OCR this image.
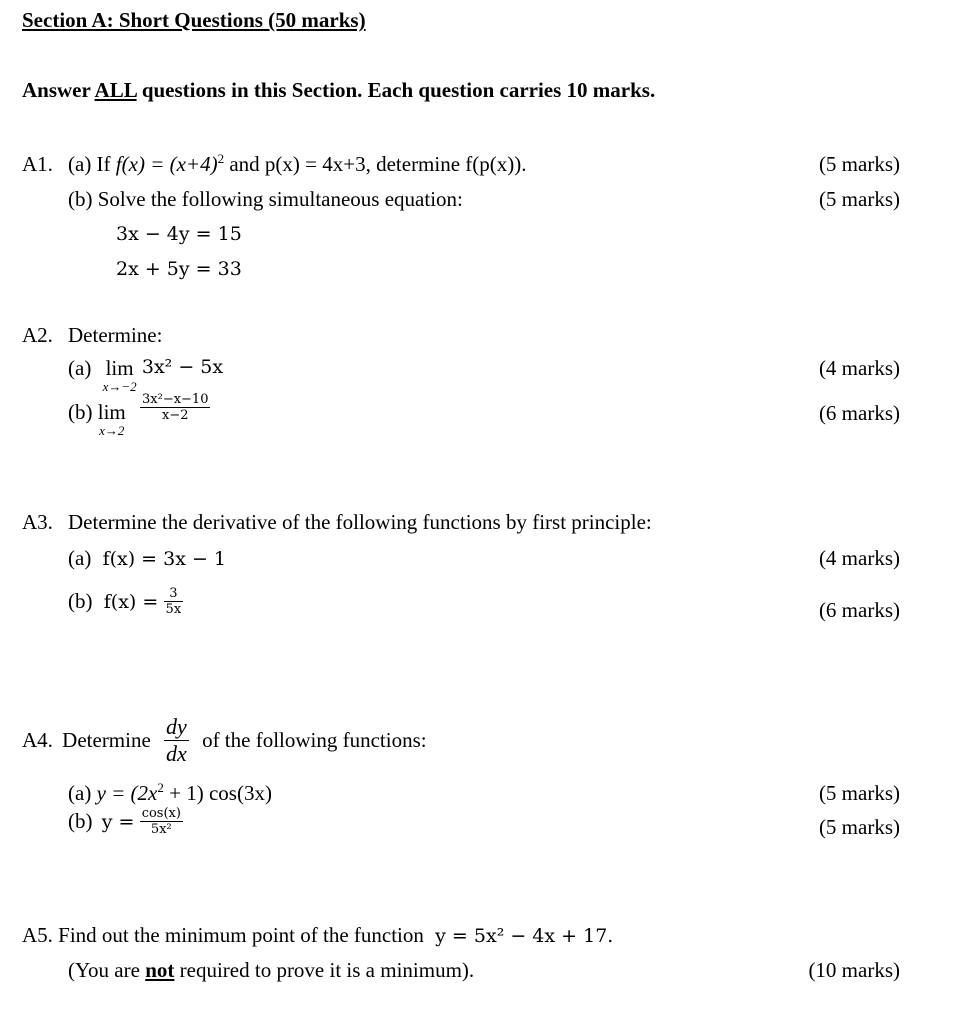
Section A: Short Questions (50 marks)
Answer ALL questions in this Section. Each question carries 10 marks.
A1. (a) If $f(x) = (x+4)^2$ and p(x) = 4x+3, determine f(p(x)).	(5 marks)
(b) Solve the following simultaneous equation:	(5 marks)
3x − 4y = 15
2x + 5y = 33
A2. Determine:
(a) lim
x→−2
3x² − 5x	(4 marks)
(b) lim
x→2
$\frac{\text{3x²−x−10}}{x-2}$	(6 marks)
A3. Determine the derivative of the following functions by first principle:
(a) f(x) = 3x − 1	(4 marks)
(b) $f(x) = \frac{3}{5x}$	(6 marks)
A4. Determine $\frac{dy}{dx}$ of the following functions:
(a) $y = (2x^2 + 1)$ cos(3x)	(5 marks)
(b) $y = \frac{\cos(x)}{\text{5x²}}$	(5 marks)
A5. Find out the minimum point of the function y = 5x² − 4x + 17.
(You are not required to prove it is a minimum).	(10 marks)
